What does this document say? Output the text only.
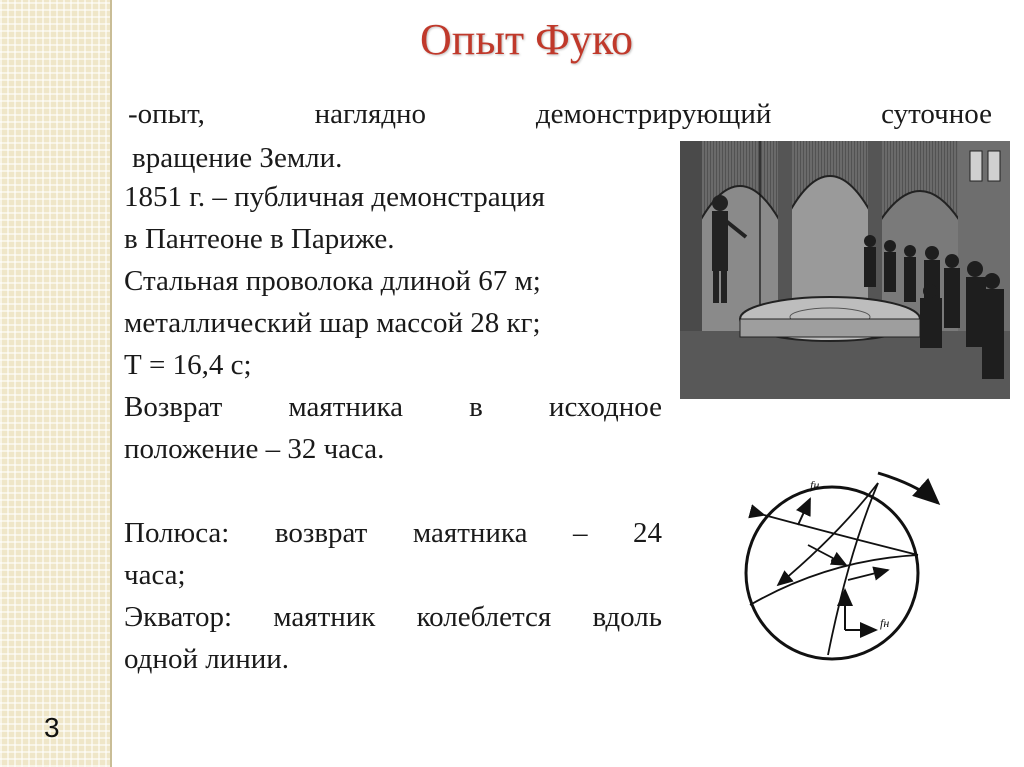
3
Опыт Фуко
-опыт,	наглядно	демонстрирующий	суточное
вращение Земли.

1851 г. – публичная демонстрация

в Пантеоне в Париже.

Стальная проволока длиной 67 м;

металлический шар массой 28 кг;

Т = 16,4 с;

Возврат маятника в исходное

положение – 32 часа.

Полюса: возврат маятника – 24

часа;

Экватор: маятник колеблется вдоль

одной линии.

fн
fн
